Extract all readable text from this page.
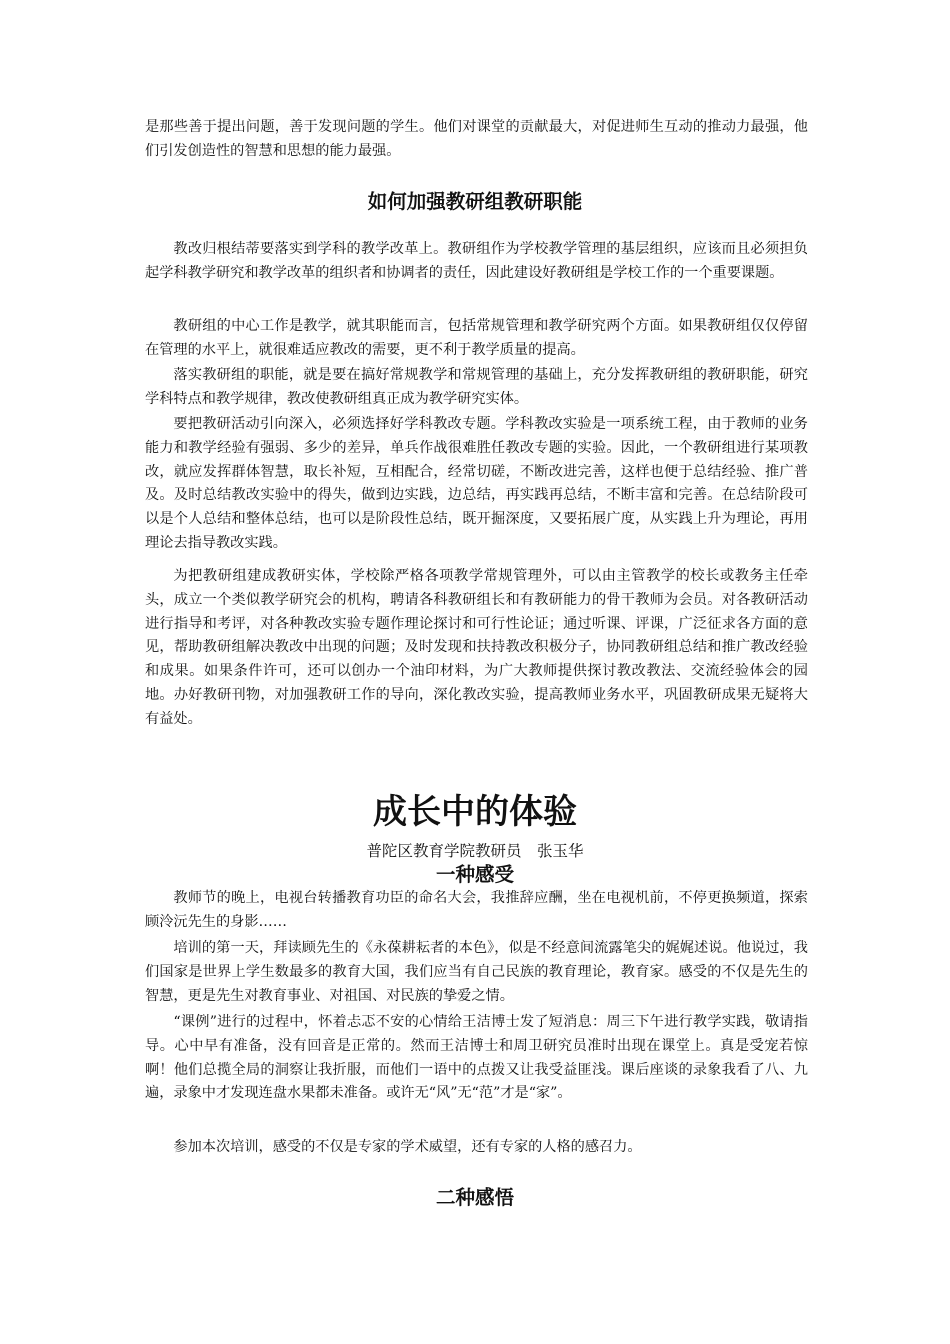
是那些善于提出问题，善于发现问题的学生。他们对课堂的贡献最大，对促进师生互动的推动力最强，他们引发创造性的智慧和思想的能力最强。

如何加强教研组教研职能

教改归根结蒂要落实到学科的教学改革上。教研组作为学校教学管理的基层组织，应该而且必须担负起学科教学研究和教学改革的组织者和协调者的责任，因此建设好教研组是学校工作的一个重要课题。

教研组的中心工作是教学，就其职能而言，包括常规管理和教学研究两个方面。如果教研组仅仅停留在管理的水平上，就很难适应教改的需要，更不利于教学质量的提高。

落实教研组的职能，就是要在搞好常规教学和常规管理的基础上，充分发挥教研组的教研职能，研究学科特点和教学规律，教改使教研组真正成为教学研究实体。

要把教研活动引向深入，必须选择好学科教改专题。学科教改实验是一项系统工程，由于教师的业务能力和教学经验有强弱、多少的差异，单兵作战很难胜任教改专题的实验。因此，一个教研组进行某项教改，就应发挥群体智慧，取长补短，互相配合，经常切磋，不断改进完善，这样也便于总结经验、推广普及。及时总结教改实验中的得失，做到边实践，边总结，再实践再总结，不断丰富和完善。在总结阶段可以是个人总结和整体总结，也可以是阶段性总结，既开掘深度，又要拓展广度，从实践上升为理论，再用理论去指导教改实践。

为把教研组建成教研实体，学校除严格各项教学常规管理外，可以由主管教学的校长或教务主任牵头，成立一个类似教学研究会的机构，聘请各科教研组长和有教研能力的骨干教师为会员。对各教研活动进行指导和考评，对各种教改实验专题作理论探讨和可行性论证；通过听课、评课，广泛征求各方面的意见，帮助教研组解决教改中出现的问题；及时发现和扶持教改积极分子，协同教研组总结和推广教改经验和成果。如果条件许可，还可以创办一个油印材料，为广大教师提供探讨教改教法、交流经验体会的园地。办好教研刊物，对加强教研工作的导向，深化教改实验，提高教师业务水平，巩固教研成果无疑将大有益处。

成长中的体验
普陀区教育学院教研员　张玉华
一种感受

教师节的晚上，电视台转播教育功臣的命名大会，我推辞应酬，坐在电视机前，不停更换频道，探索顾泠沅先生的身影……

培训的第一天，拜读顾先生的《永葆耕耘者的本色》，似是不经意间流露笔尖的娓娓述说。他说过，我们国家是世界上学生数最多的教育大国，我们应当有自己民族的教育理论，教育家。感受的不仅是先生的智慧，更是先生对教育事业、对祖国、对民族的挚爱之情。

“课例”进行的过程中，怀着忐忑不安的心情给王洁博士发了短消息：周三下午进行教学实践，敬请指导。心中早有准备，没有回音是正常的。然而王洁博士和周卫研究员准时出现在课堂上。真是受宠若惊啊！他们总揽全局的洞察让我折服，而他们一语中的点拨又让我受益匪浅。课后座谈的录象我看了八、九遍，录象中才发现连盘水果都未准备。或许无“风”无“范”才是“家”。

参加本次培训，感受的不仅是专家的学术威望，还有专家的人格的感召力。

二种感悟
